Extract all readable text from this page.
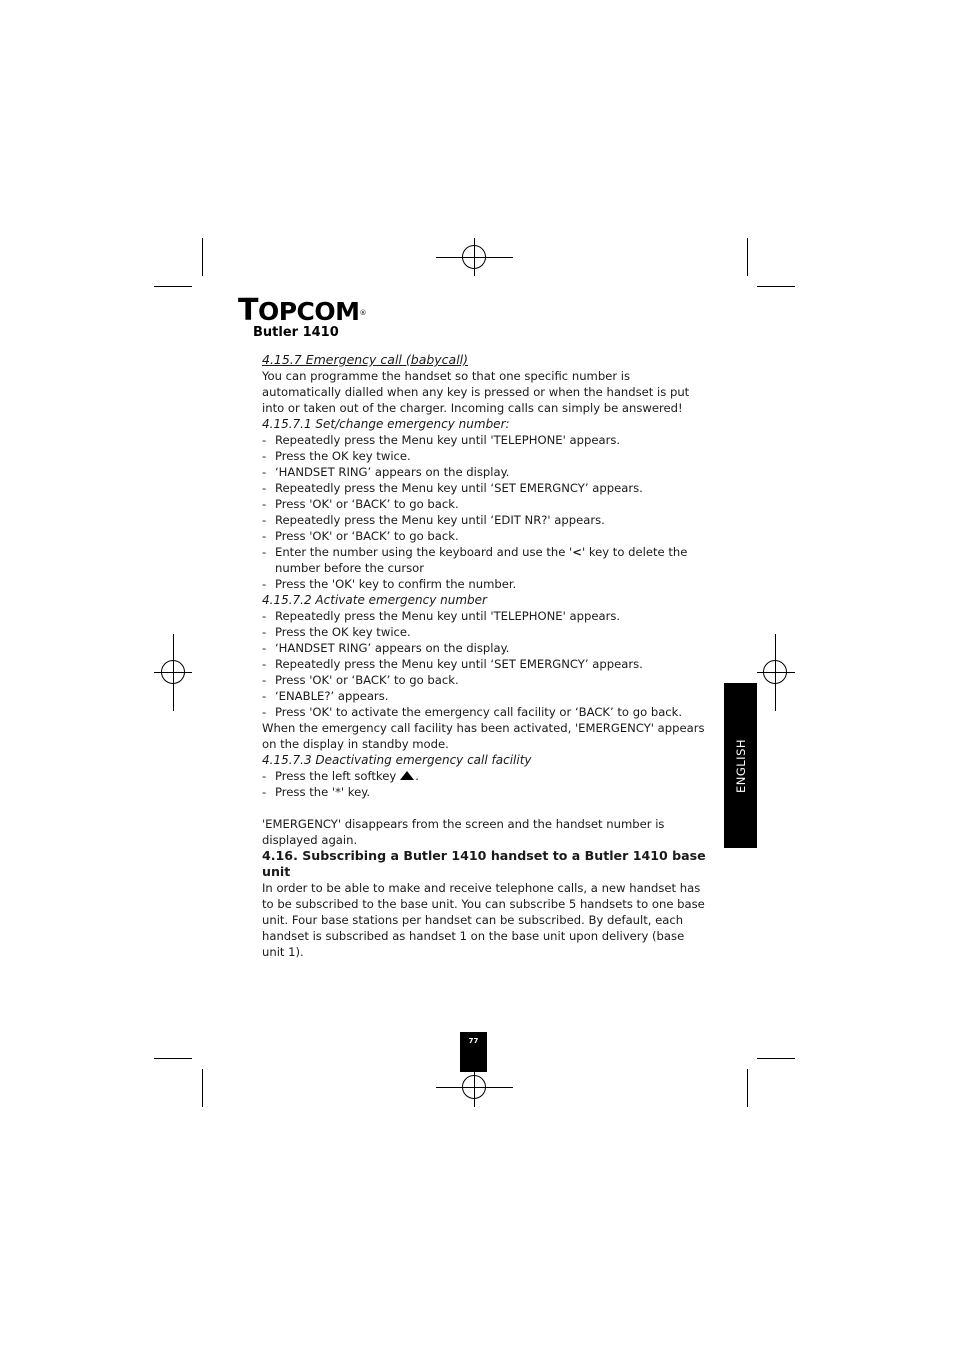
TOPCOM®
Butler 1410

4.15.7 Emergency call (babycall)

You can programme the handset so that one specific number is automatically dialled when any key is pressed or when the handset is put into or taken out of the charger. Incoming calls can simply be answered!

4.15.7.1 Set/change emergency number:

- Repeatedly press the Menu key until 'TELEPHONE' appears.
- Press the OK key twice.
- ‘HANDSET RING’ appears on the display.
- Repeatedly press the Menu key until ‘SET EMERGNCY’ appears.
- Press 'OK' or ‘BACK’ to go back.
- Repeatedly press the Menu key until ‘EDIT NR?' appears.
- Press 'OK' or ‘BACK’ to go back.
- Enter the number using the keyboard and use the '<' key to delete the number before the cursor
- Press the 'OK' key to confirm the number.

4.15.7.2 Activate emergency number

- Repeatedly press the Menu key until 'TELEPHONE' appears.
- Press the OK key twice.
- ‘HANDSET RING’ appears on the display.
- Repeatedly press the Menu key until ‘SET EMERGNCY’ appears.
- Press 'OK' or ‘BACK’ to go back.
- ‘ENABLE?’ appears.
- Press 'OK' to activate the emergency call facility or ‘BACK’ to go back.

When the emergency call facility has been activated, 'EMERGENCY' appears on the display in standby mode.

4.15.7.3 Deactivating emergency call facility

- Press the left softkey .
- Press the '*' key.

'EMERGENCY' disappears from the screen and the handset number is displayed again.

4.16. Subscribing a Butler 1410 handset to a Butler 1410 base unit

In order to be able to make and receive telephone calls, a new handset has to be subscribed to the base unit. You can subscribe 5 handsets to one base unit. Four base stations per handset can be subscribed. By default, each handset is subscribed as handset 1 on the base unit upon delivery (base unit 1).

ENGLISH
77
